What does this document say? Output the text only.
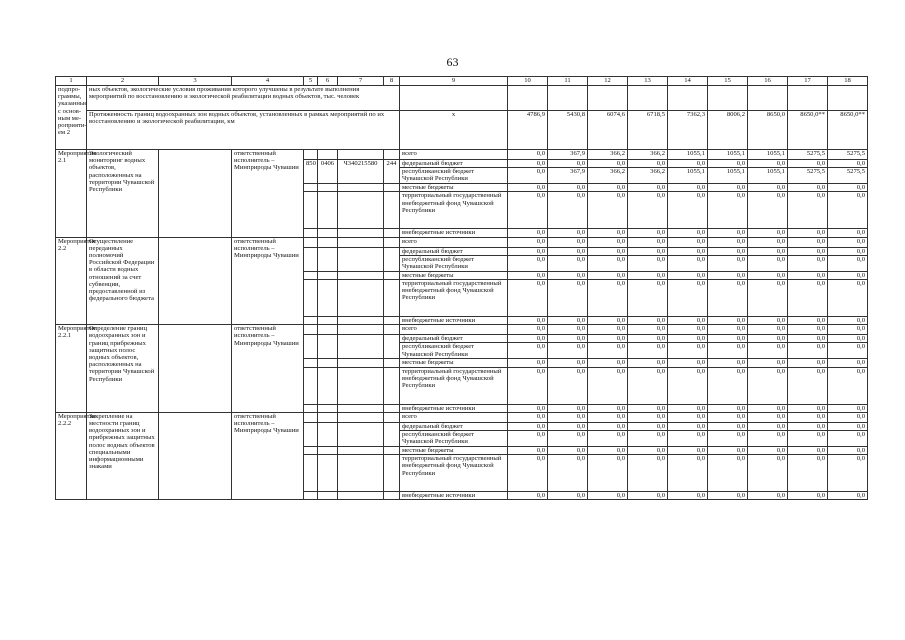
63
1	2	3	4	5	6	7	8	9	10	11	12	13	14	15	16	17	18
подпро-граммы, указанные с основ-ным ме-роприяти-ем 2	ных объектов, экологические условия проживания которого улучшены в результате выполнения мероприятий по восстановлению и экологической реабилитации водных объектов, тыс. человек																
	Протяженность границ водоохранных зон водных объектов, установленных в рамках мероприятий по их восстановлению и экологической реабилитации, км							x	4786,9	5430,8	6074,6	6718,5	7362,3	8006,2	8650,0	8650,0**	8650,0**
Мероприятие 2.1	Экологический мониторинг водных объектов, расположенных на территории Чувашской Республики		ответственный исполнитель – Минприроды Чувашии					всего	0,0	367,9	366,2	366,2	1055,1	1055,1	1055,1	5275,5	5275,5
				850	0406	Ч340215580	244	федеральный бюджет	0,0	0,0	0,0	0,0	0,0	0,0	0,0	0,0	0,0
								республиканский бюджет Чувашской Республики	0,0	367,9	366,2	366,2	1055,1	1055,1	1055,1	5275,5	5275,5
								местные бюджеты	0,0	0,0	0,0	0,0	0,0	0,0	0,0	0,0	0,0
								территориальный государственный внебюджетный фонд Чувашской Республики	0,0	0,0	0,0	0,0	0,0	0,0	0,0	0,0	0,0
								внебюджетные источники	0,0	0,0	0,0	0,0	0,0	0,0	0,0	0,0	0,0
Мероприятие 2.2	Осуществление переданных полномочий Российской Федерации в области водных отношений за счет субвенции, предоставленной из федерального бюджета		ответственный исполнитель – Минприроды Чувашии					всего	0,0	0,0	0,0	0,0	0,0	0,0	0,0	0,0	0,0
								федеральный бюджет	0,0	0,0	0,0	0,0	0,0	0,0	0,0	0,0	0,0
								республиканский бюджет Чувашской Республики	0,0	0,0	0,0	0,0	0,0	0,0	0,0	0,0	0,0
								местные бюджеты	0,0	0,0	0,0	0,0	0,0	0,0	0,0	0,0	0,0
								территориальный государственный внебюджетный фонд Чувашской Республики	0,0	0,0	0,0	0,0	0,0	0,0	0,0	0,0	0,0
								внебюджетные источники	0,0	0,0	0,0	0,0	0,0	0,0	0,0	0,0	0,0
Мероприятие 2.2.1	Определение границ водоохранных зон и границ прибрежных защитных полос водных объектов, расположенных на территории Чувашской Республики		ответственный исполнитель – Минприроды Чувашии					всего	0,0	0,0	0,0	0,0	0,0	0,0	0,0	0,0	0,0
								федеральный бюджет	0,0	0,0	0,0	0,0	0,0	0,0	0,0	0,0	0,0
								республиканский бюджет Чувашской Республики	0,0	0,0	0,0	0,0	0,0	0,0	0,0	0,0	0,0
								местные бюджеты	0,0	0,0	0,0	0,0	0,0	0,0	0,0	0,0	0,0
								территориальный государственный внебюджетный фонд Чувашской Республики	0,0	0,0	0,0	0,0	0,0	0,0	0,0	0,0	0,0
								внебюджетные источники	0,0	0,0	0,0	0,0	0,0	0,0	0,0	0,0	0,0
Мероприятие 2.2.2	Закрепление на местности границ водоохранных зон и прибрежных защитных полос водных объектов специальными информационными знаками		ответственный исполнитель – Минприроды Чувашии					всего	0,0	0,0	0,0	0,0	0,0	0,0	0,0	0,0	0,0
								федеральный бюджет	0,0	0,0	0,0	0,0	0,0	0,0	0,0	0,0	0,0
								республиканский бюджет Чувашской Республики	0,0	0,0	0,0	0,0	0,0	0,0	0,0	0,0	0,0
								местные бюджеты	0,0	0,0	0,0	0,0	0,0	0,0	0,0	0,0	0,0
								территориальный государственный внебюджетный фонд Чувашской Республики	0,0	0,0	0,0	0,0	0,0	0,0	0,0	0,0	0,0
								внебюджетные источники	0,0	0,0	0,0	0,0	0,0	0,0	0,0	0,0	0,0
